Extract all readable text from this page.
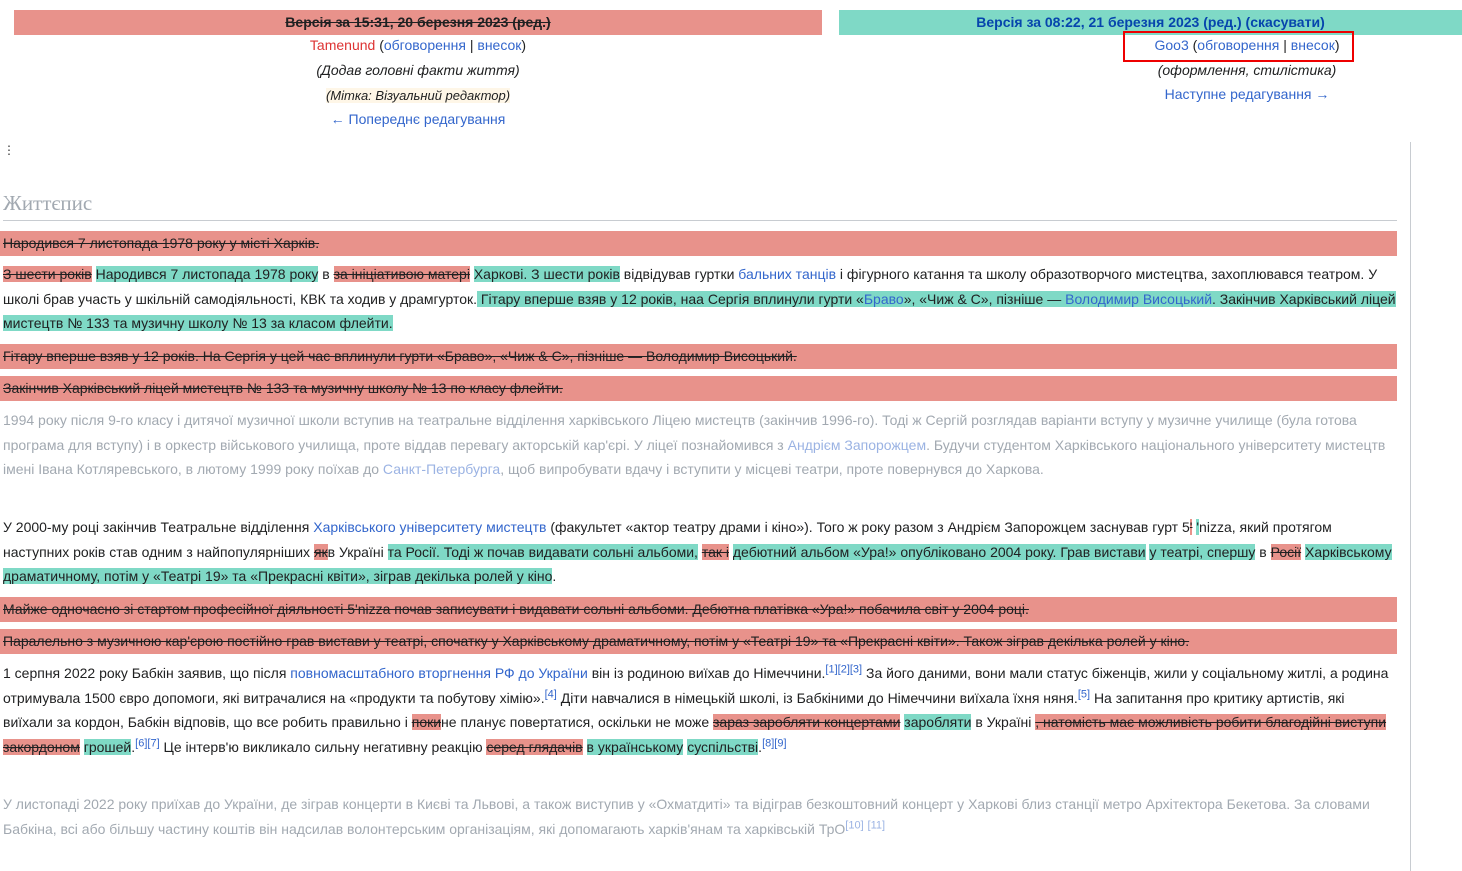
Версія за 15:31, 20 березня 2023 (ред.)	Версія за 08:22, 21 березня 2023 (ред.) (скасувати)
Tamenund (обговорення | внесок)
(Додав головні факти життя)
(Мітка: Візуальний редактор)
← Попереднє редагування
Goo3 (обговорення | внесок)
(оформлення, стилістика)
Наступне редагування →
⋮
Життєпис
Народився 7 листопада 1978 року у місті Харків.
З шести років Народився 7 листопада 1978 року в за ініціативою матері Харкові. З шести років відвідував гуртки бальних танців і фігурного катання та школу образотворчого мистецтва, захоплювався театром. У школі брав участь у шкільній самодіяльності, КВК та ходив у драмгурток. Гітару вперше взяв у 12 років, наа Сергія вплинули гурти «Браво», «Чиж & С», пізніше — Володимир Висоцький. Закінчив Харківський ліцей мистецтв № 133 та музичну школу № 13 за класом флейти.
Гітару вперше взяв у 12 років. На Сергія у цей час вплинули гурти «Браво», «Чиж & С», пізніше — Володимир Висоцький.
Закінчив Харківський ліцей мистецтв № 133 та музичну школу № 13 по класу флейти.
1994 року після 9-го класу і дитячої музичної школи вступив на театральне відділення харківського Ліцею мистецтв (закінчив 1996-го). Тоді ж Сергій розглядав варіанти вступу у музичне училище (була готова програма для вступу) і в оркестр військового училища, проте віддав перевагу акторській кар'єрі. У ліцеї познайомився з Андрієм Запорожцем. Будучи студентом Харківського національного університету мистецтв імені Івана Котляревського, в лютому 1999 року поїхав до Санкт-Петербурга, щоб випробувати вдачу і вступити у місцеві театри, проте повернувся до Харкова.
У 2000-му році закінчив Театральне відділення Харківського університету мистецтв (факультет «актор театру драми і кіно»). Того ж року разом з Андрієм Запорожцем заснував гурт 5' 'nizza, який протягом наступних років став одним з найпопулярніших якв Україні та Росії. Тоді ж почав видавати сольні альбоми, так і дебютний альбом «Ура!» опубліковано 2004 року. Грав вистави у театрі, спершу в Росії Харківському драматичному, потім у «Театрі 19» та «Прекрасні квіти», зіграв декілька ролей у кіно.
Майже одночасно зі стартом професійної діяльності 5'nizza почав записувати і видавати сольні альбоми. Дебютна платівка «Ура!» побачила світ у 2004 році.
Паралельно з музичною кар'єрою постійно грав вистави у театрі, спочатку у Харківському драматичному, потім у «Театрі 19» та «Прекрасні квіти». Також зіграв декілька ролей у кіно.
1 серпня 2022 року Бабкін заявив, що після повномасштабного вторгнення РФ до України він із родиною виїхав до Німеччини.[1][2][3] За його даними, вони мали статус біженців, жили у соціальному житлі, а родина отримувала 1500 євро допомоги, які витрачалися на «продукти та побутову хімію».[4] Діти навчалися в німецькій школі, із Бабкіними до Німеччини виїхала їхня няня.[5] На запитання про критику артистів, які виїхали за кордон, Бабкін відповів, що все робить правильно і покине планує повертатися, оскільки не може зараз заробляти концертами заробляти в Україні , натомість має можливість робити благодійні виступи закордоном грошей.[6][7] Це інтерв'ю викликало сильну негативну реакцію серед глядачів в українському суспільстві.[8][9]
У листопаді 2022 року приїхав до України, де зіграв концерти в Києві та Львові, а також виступив у «Охматдиті» та відіграв безкоштовний концерт у Харкові близ станції метро Архітектора Бекетова. За словами Бабкіна, всі або більшу частину коштів він надсилав волонтерським організаціям, які допомагають харків'янам та харківській ТрО[10] [11]
